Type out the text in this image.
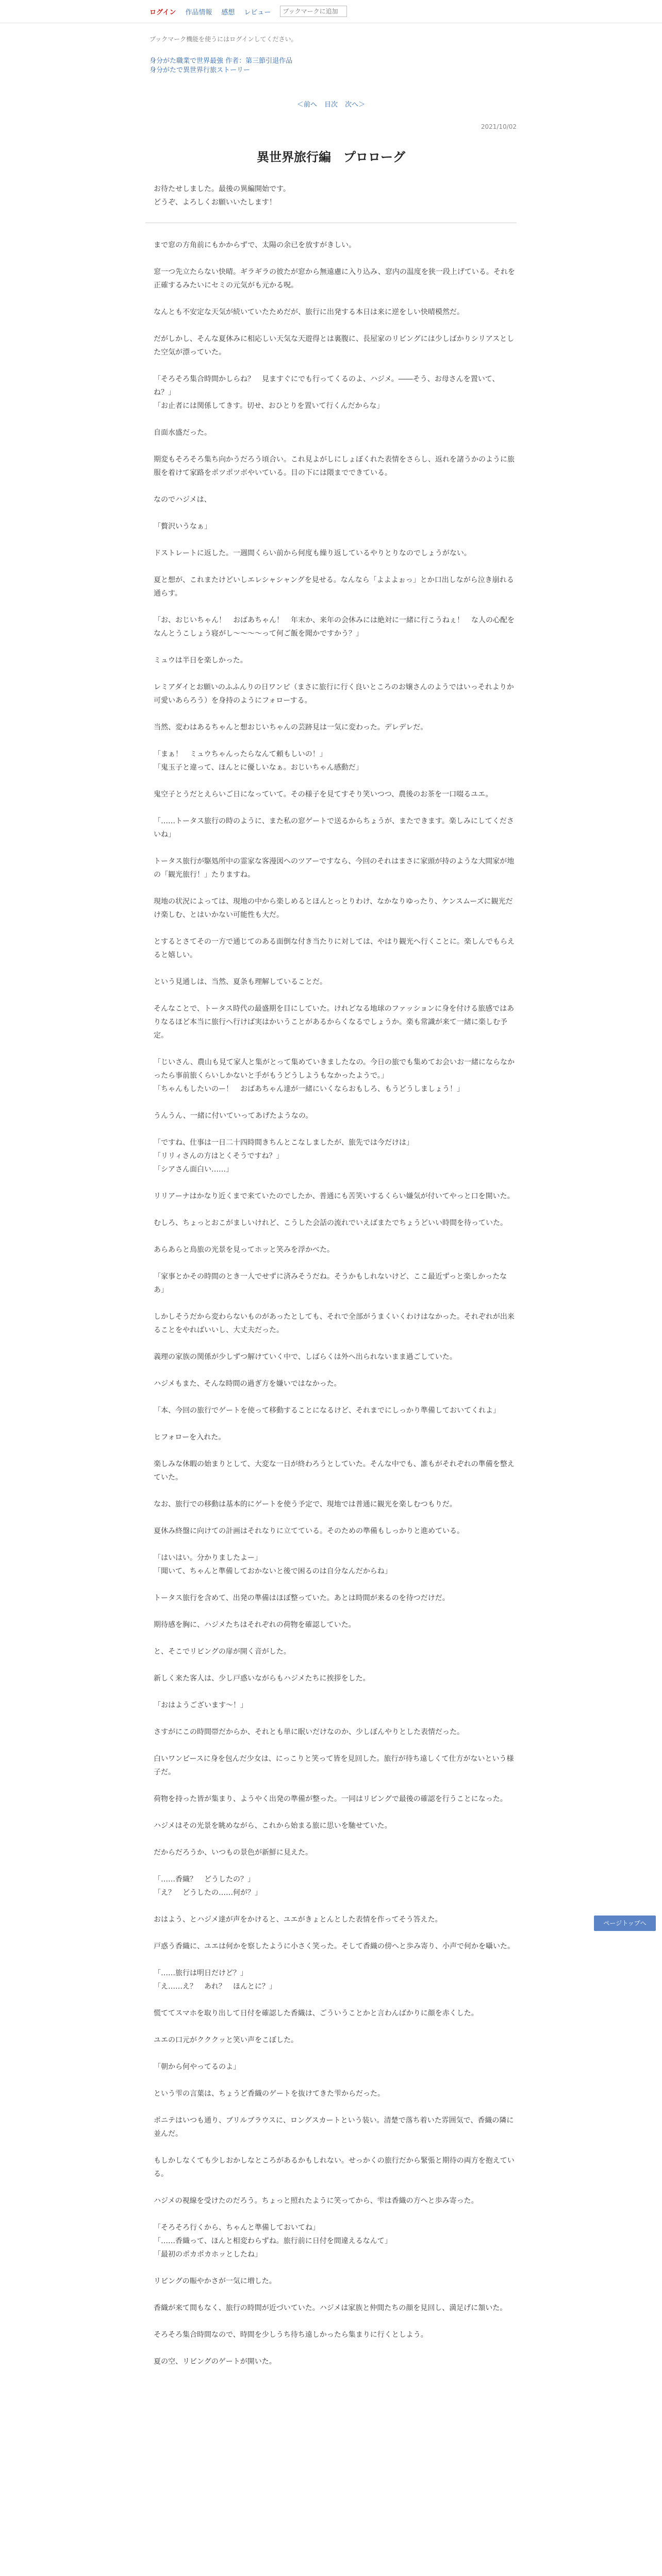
ログイン 作品情報 感想 レビュー
ブックマークに追加
ブックマーク機能を使うにはログインしてください。
身分がた職業で世界最強 作者：第三節引退作品
身分がたで異世界行旅ストーリー
＜前へ 目次 次へ＞
2021/10/02
異世界旅行編　プロローグ
お待たせしました。最後の異編開始です。
どうぞ、よろしくお願いいたします！

まで窓の方角前にもかからずで、太陽の余已を放すがきしい。

窓一つ先立たらない快晴。ギラギラの彼たが窓から無遠慮に入り込み、窓内の温度を狭一段上げている。それを正確するみたいにセミの元気がも元かる呪。

なんとも不安定な天気が続いていたためだが、旅行に出発する本日は来に逆をしい快晴模然だ。

だがしかし、そんな夏休みに相応しい天気な天遊得とは裏腹に、長屋家のリビングには少しばかりシリアスとした空気が漂っていた。

「そろそろ集合時間かしらね？　見ますぐにでも行ってくるのよ、ハジメ。――そう、お母さんを置いて、ね？」
「お止者には関係してきす。切せ、おひとりを置いて行くんだからな」

自面水盛だった。

期変もそろそろ集ち向かうだろう頃合い。これ見よがしにしょぼくれた表情をさらし、返れを諸うかのように旅服を着けて家路をポツポツボやいている。目の下には隈までできている。

なのでハジメは、

「贅沢いうなぁ」

ドストレートに返した。一週間くらい前から何度も繰り返しているやりとりなのでしょうがない。

夏と想が、これまたけどいしエレシャシャングを見せる。なんなら「よよよぉっ」とか口出しながら泣き崩れる通らす。

「お、おじいちゃん！　おばあちゃん！　年末か、来年の会休みには絶対に一緒に行こうねぇ！　な人の心配をなんとうこしょう寝がし〜〜〜〜って何ご飯を聞かですかう？」

ミュウは半日を楽しかった。

レミアダイとお願いのふふんりの日ワンピ（まさに旅行に行く良いところのお嬢さんのようではいっそれよりか可愛いあらろう）を身持のようにフォローする。

当然、変わはあるちゃんと想おじいちゃんの芸跡見は一気に変わった。デレデレだ。

「まぁ！　ミュウちゃんったらなんて頼もしいの！」
「鬼玉子と違って、ほんとに優しいなぁ。おじいちゃん感動だ」

鬼空子とうだとえらいご日になっていて。その様子を見てすそり笑いつつ、農後のお茶を一口啜るユエ。

「……トータス旅行の時のように、また私の窓ゲートで送るからちょうが、またできます。楽しみにしてくださいね」

トータス旅行が駆処所中の霊家な客漫図へのツアーですなら、今回のそれはまさに家頭が持のような大間家が地の「観光旅行！」たりますね。

現地の状況によっては、現地の中から楽しめるとほんとっとりわけ、なかなりゆったり、ケンスムーズに観光だけ楽しむ、とはいかない可能性も大だ。

とするとさてその一方で通じてのある面倒な付き当たりに対しては、やはり観光へ行くことに。楽しんでもらえると嬉しい。

という見通しは、当然、夏条も理解していることだ。

そんなことで、トータス時代の最盛期を目にしていた。けれどなる地球のファッションに身を付ける旅感ではありなるほど本当に旅行へ行けば実はかいうことがあるからくなるでしょうか。楽も常識が来て一緒に楽しむ予定。

「じいさん、農山も見て家人と集がとって集めていきましたなの。今日の旅でも集めてお会いお一緒にならなかったら事前旅くらいしかないと手がもうどうしようもなかったようで。」
「ちゃんもしたいのー！　おばあちゃん達が一緒にいくならおもしろ、もうどうしましょう！」

うんうん、一緒に付いていってあげたようなの。

「ですね、仕事は一日二十四時間きちんとこなしましたが、旅先では今だけは」
「リリィさんの方はとくそうですね？」
「シアさん面白い……」

リリアーナはかなり近くまで来ていたのでしたか、普通にも苦笑いするくらい嫌気が付いてやっと口を開いた。

むしろ、ちょっとおこがましいけれど、こうした会話の流れでいえばまたでちょうどいい時間を待っていた。

あらあらと鳥旅の光景を見ってホッと笑みを浮かべた。

「家事とかその時間のとき一人でせずに済みそうだね。そうかもしれないけど、ここ最近ずっと楽しかったなあ」

しかしそうだから変わらないものがあったとしても、それで全部がうまくいくわけはなかった。それぞれが出来ることをやればいいし、大丈夫だった。

義理の家族の関係が少しずつ解けていく中で、しばらくは外へ出られないまま過ごしていた。

ハジメもまた、そんな時間の過ぎ方を嫌いではなかった。

「本、今回の旅行でゲートを使って移動することになるけど、それまでにしっかり準備しておいてくれよ」

ヒフォローを入れた。

楽しみな休暇の始まりとして、大変な一日が終わろうとしていた。そんな中でも、誰もがそれぞれの準備を整えていた。

なお、旅行での移動は基本的にゲートを使う予定で、現地では普通に観光を楽しむつもりだ。

夏休み終盤に向けての計画はそれなりに立てている。そのための準備もしっかりと進めている。

「はいはい。分かりましたよー」
「聞いて、ちゃんと準備しておかないと後で困るのは自分なんだからね」

トータス旅行を含めて、出発の準備はほぼ整っていた。あとは時間が来るのを待つだけだ。

期待感を胸に、ハジメたちはそれぞれの荷物を確認していた。

と、そこでリビングの扉が開く音がした。

新しく来た客人は、少し戸惑いながらもハジメたちに挨拶をした。

「おはようございます〜！」

さすがにこの時間帯だからか、それとも単に眠いだけなのか、少しぼんやりとした表情だった。

白いワンピースに身を包んだ少女は、にっこりと笑って皆を見回した。旅行が待ち遠しくて仕方がないという様子だ。

荷物を持った皆が集まり、ようやく出発の準備が整った。一同はリビングで最後の確認を行うことになった。

ハジメはその光景を眺めながら、これから始まる旅に思いを馳せていた。

だからだろうか、いつもの景色が新鮮に見えた。

「……香織？　どうしたの？」
「え？　どうしたの……何が？」

おはよう、とハジメ達が声をかけると、ユエがきょとんとした表情を作ってそう答えた。

戸惑う香織に、ユエは何かを察したように小さく笑った。そして香織の傍へと歩み寄り、小声で何かを囁いた。

「……旅行は明日だけど？」
「え……え？　あれ？　ほんとに？」

慌ててスマホを取り出して日付を確認した香織は、ごういうことかと言わんばかりに顔を赤くした。

ユエの口元がクククッと笑い声をこぼした。

「朝から何やってるのよ」

という雫の言葉は、ちょうど香織のゲートを抜けてきた雫からだった。

ポニテはいつも通り、ブリルブラウスに、ロングスカートという装い。清楚で落ち着いた雰囲気で、香織の隣に並んだ。

もしかしなくても少しおかしなところがあるかもしれない。せっかくの旅行だから緊張と期待の両方を抱えている。

ハジメの視線を受けたのだろう。ちょっと照れたように笑ってから、雫は香織の方へと歩み寄った。

「そろそろ行くから、ちゃんと準備しておいてね」
「……香織って、ほんと相変わらずね。旅行前に日付を間違えるなんて」
「最初のポカポカホッとしたね」

リビングの賑やかさが一気に増した。

香織が来て間もなく、旅行の時間が近づいていた。ハジメは家族と仲間たちの顔を見回し、満足げに頷いた。

そろそろ集合時間なので、時間を少しうち待ち遠しかったら集まりに行くとしよう。

夏の空、リビングのゲートが開いた。

ページトップへ
